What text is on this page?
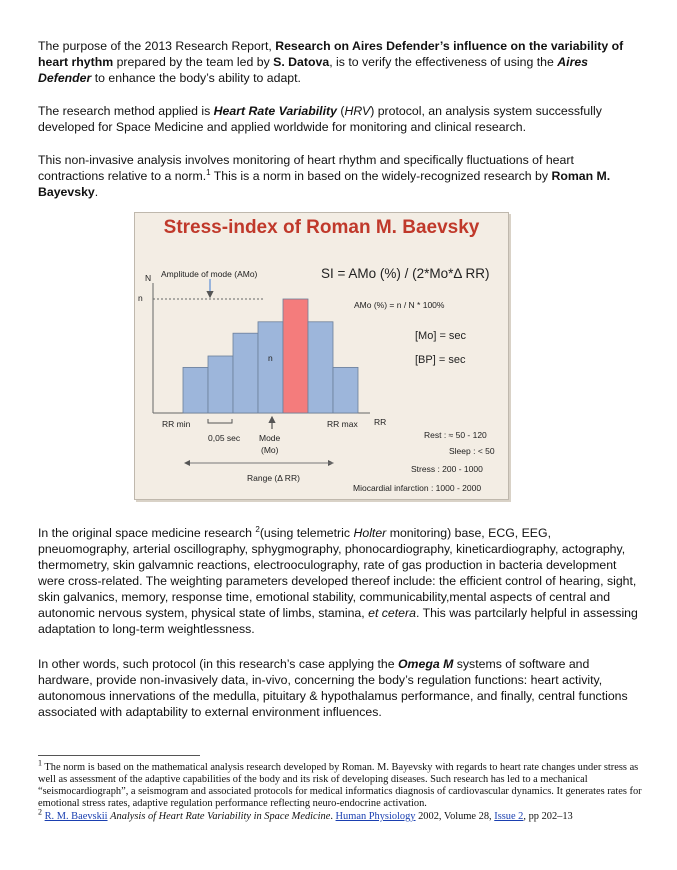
The purpose of the 2013 Research Report, Research on Aires Defender’s influence on the variability of heart rhythm prepared by the team led by S. Datova, is to verify the effectiveness of using the Aires Defender to enhance the body’s ability to adapt.

The research method applied is Heart Rate Variability (HRV) protocol, an analysis system successfully developed for Space Medicine and applied worldwide for monitoring and clinical research.

This non-invasive analysis involves monitoring of heart rhythm and specifically fluctuations of heart contractions relative to a norm.$^1$ This is a norm in based on the widely-recognized research by Roman M. Bayevsky.

Stress-index of Roman M. Baevsky
N Amplitude of mode (AMo)
n
n
SI = AMo (%) / (2*Mo*Δ RR)
AMo (%) = n / N * 100%
[Mo] = sec
[BP] = sec
RR min	RR max RR
0,05 sec Mode
(Mo)
Range (Δ RR)
Rest : ≈ 50 - 120
Sleep : < 50
Stress : 200 - 1000
Miocardial infarction : 1000 - 2000

In the original space medicine research $^2$(using telemetric Holter monitoring) base, ECG, EEG, pneuomography, arterial oscillography, sphygmography, phonocardiography, kineticardiography, actography, thermometry, skin galvamnic reactions, electrooculography, rate of gas production in bacteria development were cross-related. The weighting parameters developed thereof include: the efficient control of hearing, sight, skin galvanics, memory, response time, emotional stability, communicability,mental aspects of central and autonomic nervous system, physical state of limbs, stamina, et cetera. This was partcilarly helpful in assessing adaptation to long-term weightlessness.

In other words, such protocol (in this research’s case applying the Omega M systems of software and hardware, provide non-invasively data, in-vivo, concerning the body’s regulation functions: heart activity, autonomous innervations of the medulla, pituitary & hypothalamus performance, and finally, central functions associated with adaptability to external environment influences.

$^1$ The norm is based on the mathematical analysis research developed by Roman. M. Bayevsky with regards to heart rate changes under stress as well as assessment of the adaptive capabilities of the body and its risk of developing diseases. Such research has led to a mechanical “seismocardiograph”, a seismogram and associated protocols for medical informatics diagnosis of cardiovascular dynamics. It generates rates for emotional stress rates, adaptive regulation performance reflecting neuro-endocrine activation.

$^2$ R. M. Baevskii Analysis of Heart Rate Variability in Space Medicine. Human Physiology 2002, Volume 28, Issue 2, pp 202–13
